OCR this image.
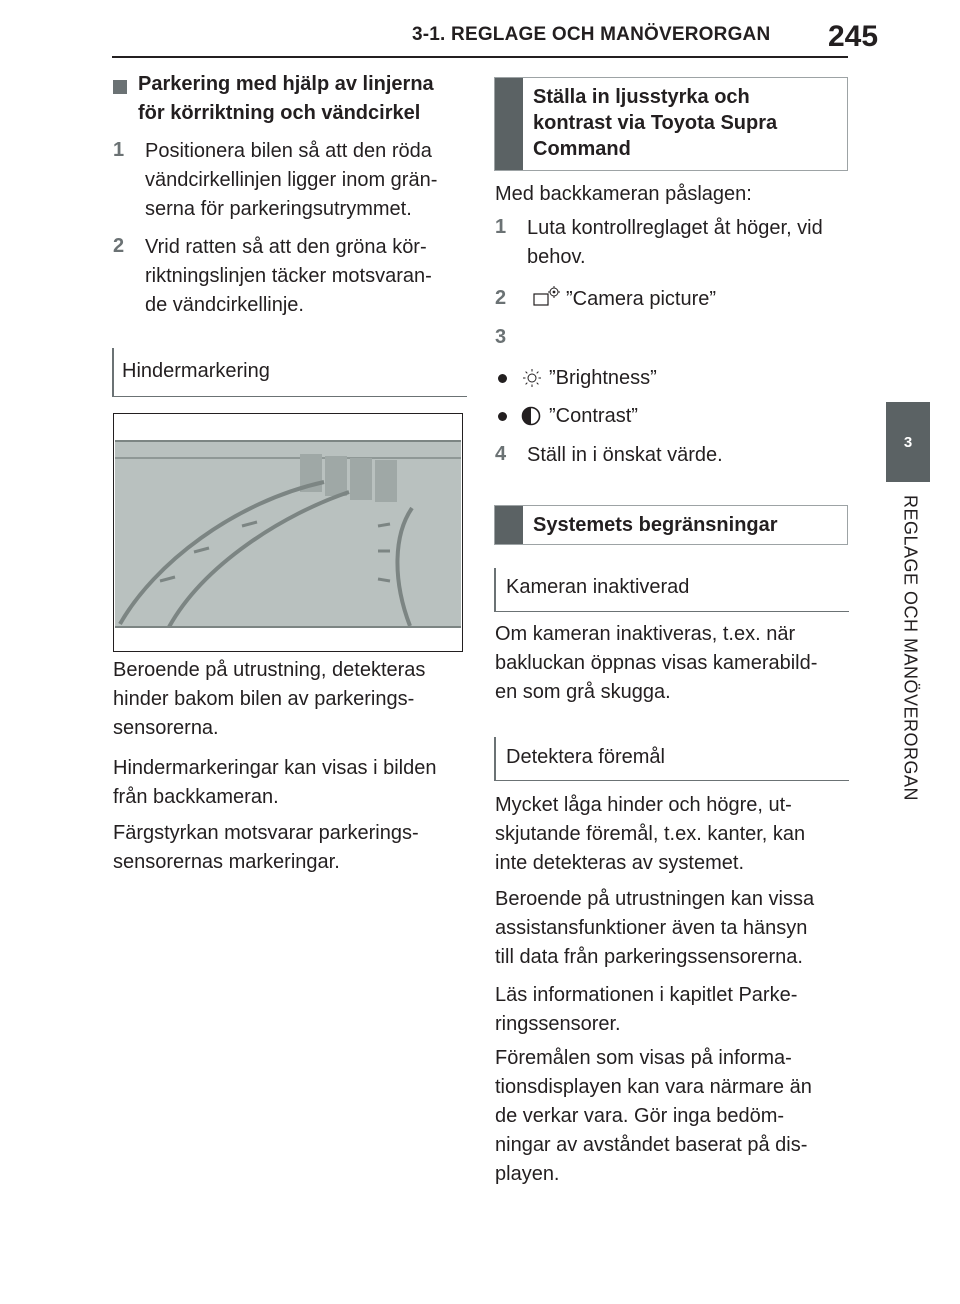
3-1. REGLAGE OCH MANÖVERORGAN 245
3
REGLAGE OCH MANÖVERORGAN
Parkering med hjälp av linjerna för körriktning och vändcirkel
1 Positionera bilen så att den röda
vändcirkellinjen ligger inom grän-
serna för parkeringsutrymmet.
2 Vrid ratten så att den gröna kör-
riktningslinjen täcker motsvaran-
de vändcirkellinje.
Hindermarkering
Beroende på utrustning, detekteras
hinder bakom bilen av parkerings-
sensorerna.
Hindermarkeringar kan visas i bilden
från backkameran.
Färgstyrkan motsvarar parkerings-
sensorernas markeringar.
Ställa in ljusstyrka och
kontrast via Toyota Supra
Command
Med backkameran påslagen:
1 Luta kontrollreglaget åt höger, vid
behov.
2	”Camera picture”
3
”Brightness”
”Contrast”
4 Ställ in i önskat värde.
Systemets begränsningar
Kameran inaktiverad
Om kameran inaktiveras, t.ex. när
bakluckan öppnas visas kamerabild-
en som grå skugga.
Detektera föremål
Mycket låga hinder och högre, ut-
skjutande föremål, t.ex. kanter, kan
inte detekteras av systemet.
Beroende på utrustningen kan vissa
assistansfunktioner även ta hänsyn
till data från parkeringssensorerna.
Läs informationen i kapitlet Parke-
ringssensorer.
Föremålen som visas på informa-
tionsdisplayen kan vara närmare än
de verkar vara. Gör inga bedöm-
ningar av avståndet baserat på dis-
playen.
